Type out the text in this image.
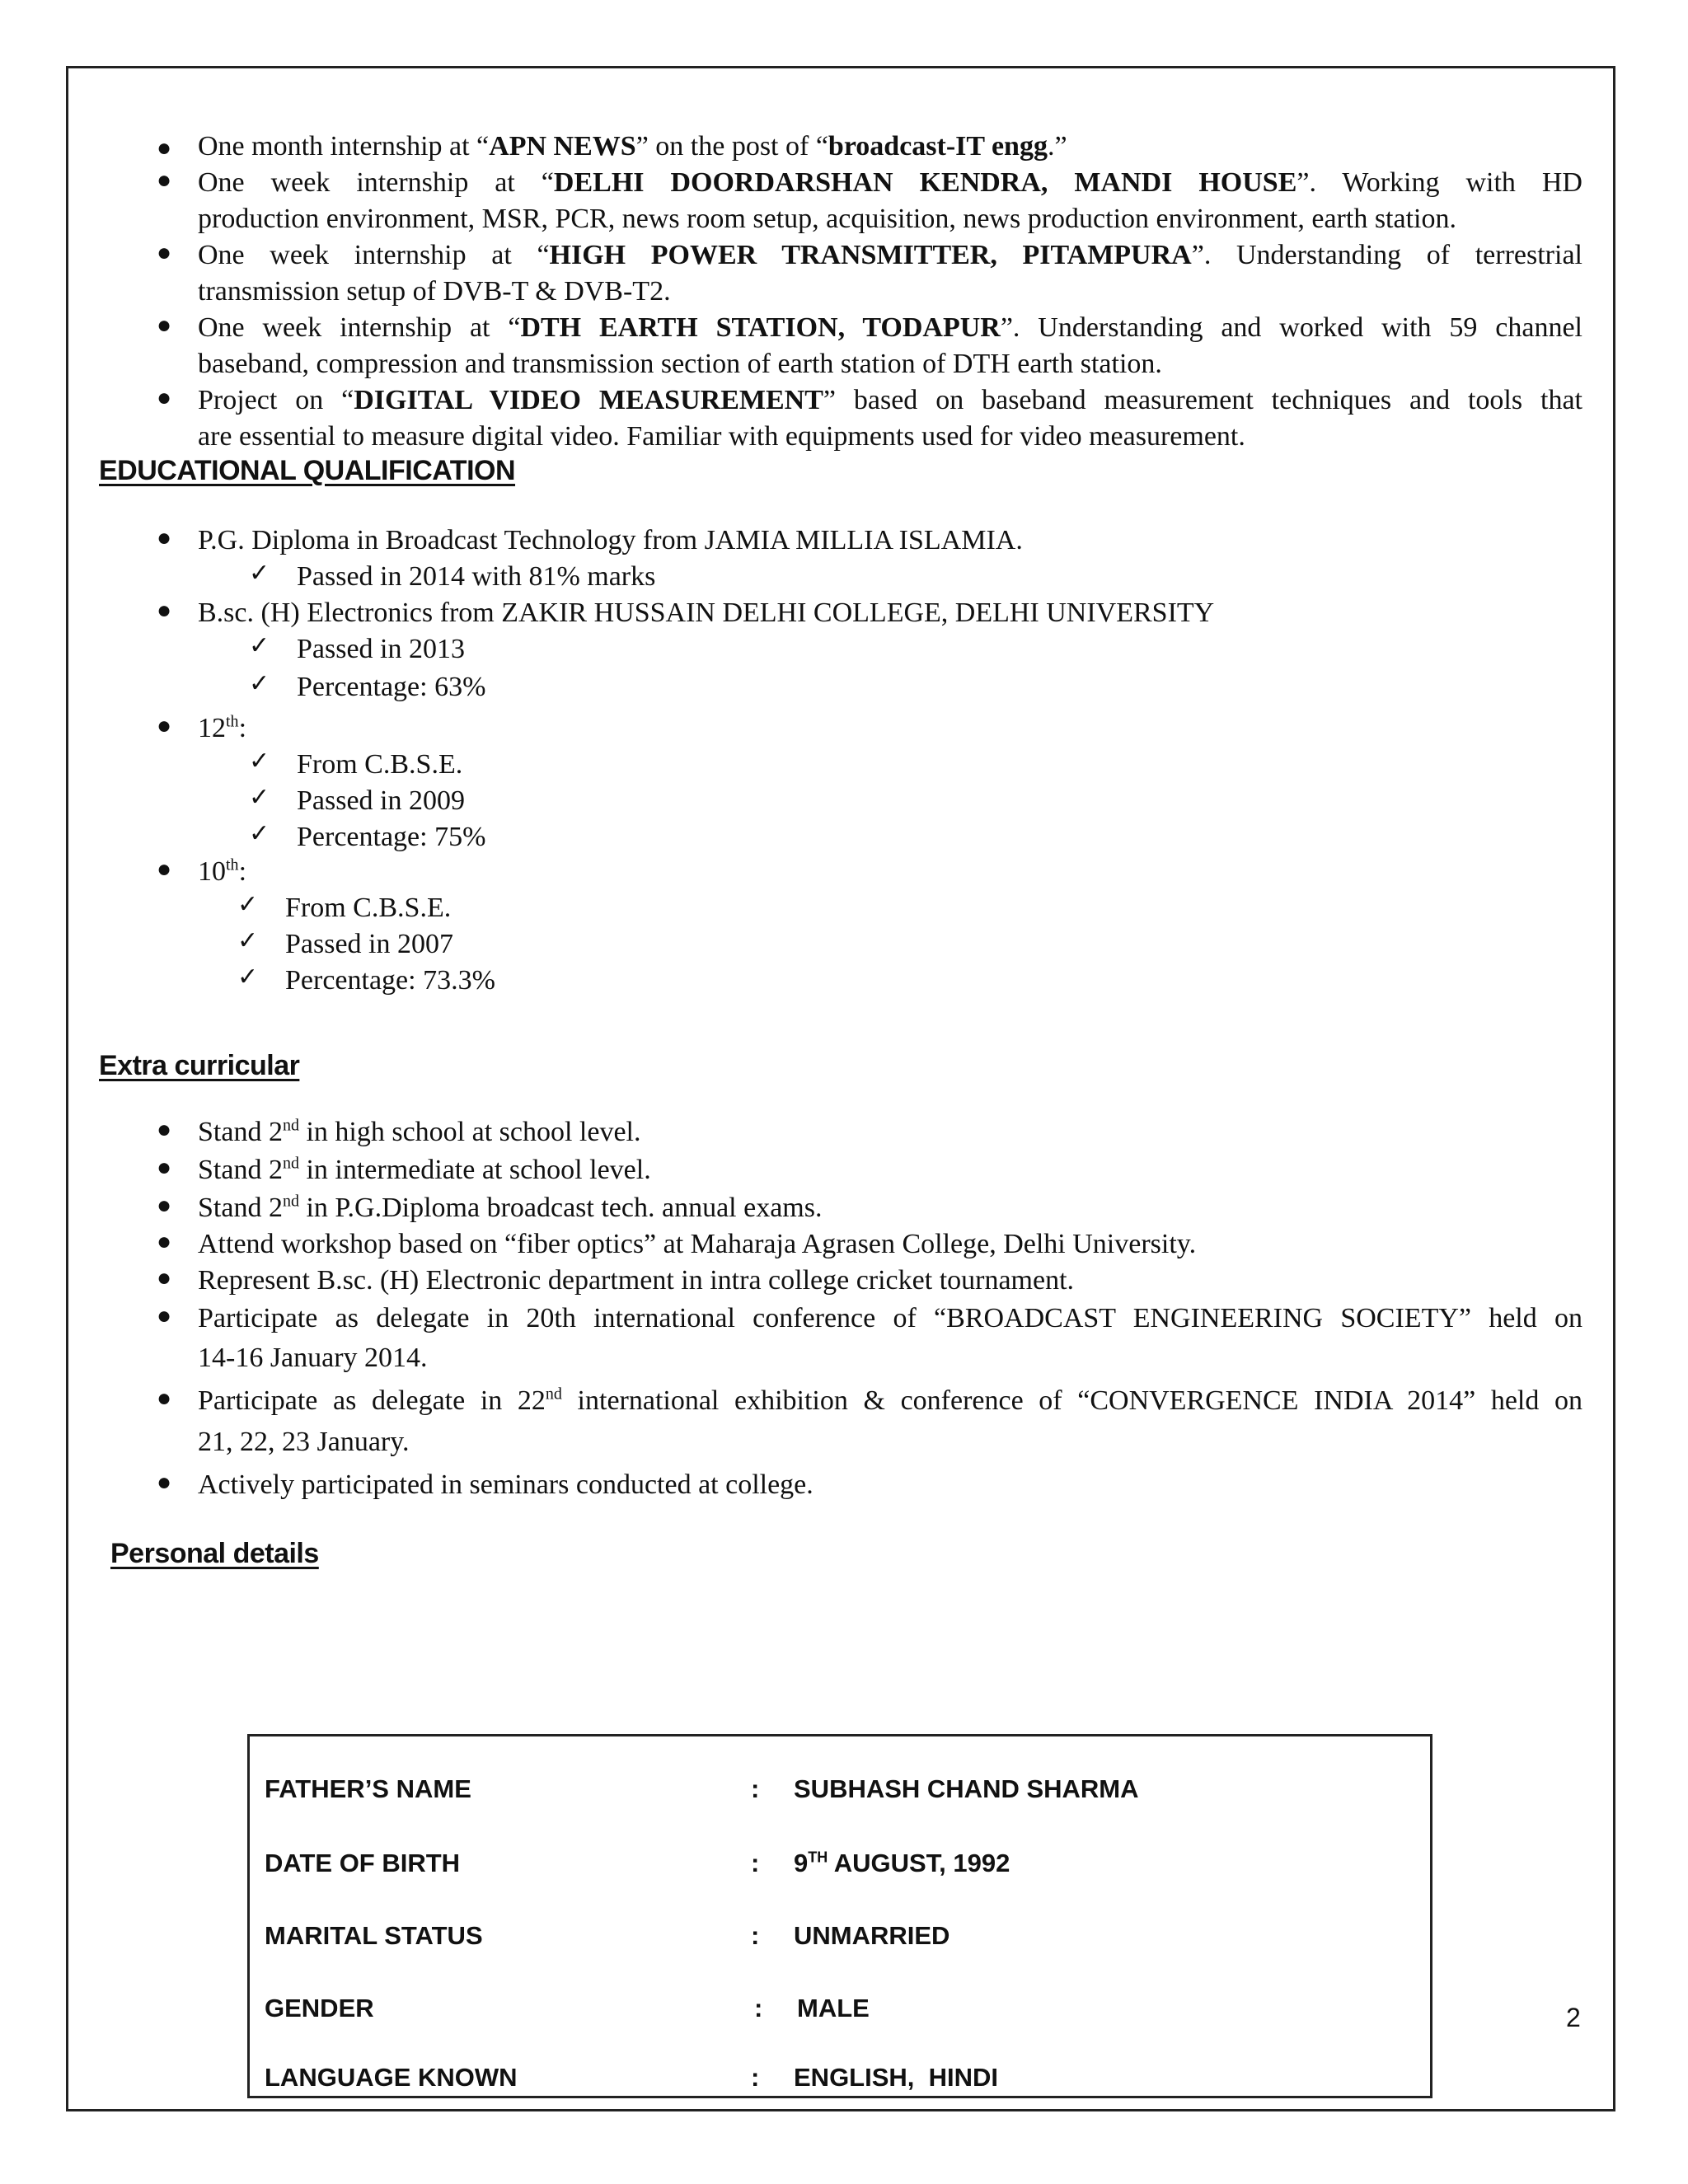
● One month internship at “APN NEWS” on the post of “broadcast-IT engg.”
● One week internship at “DELHI DOORDARSHAN KENDRA, MANDI HOUSE”. Working with HD
production environment, MSR, PCR, news room setup, acquisition, news production environment, earth station.
● One week internship at “HIGH POWER TRANSMITTER, PITAMPURA”. Understanding of terrestrial
transmission setup of DVB-T & DVB-T2.
● One week internship at “DTH EARTH STATION, TODAPUR”. Understanding and worked with 59 channel
baseband, compression and transmission section of earth station of DTH earth station.
● Project on “DIGITAL VIDEO MEASUREMENT” based on baseband measurement techniques and tools that
are essential to measure digital video. Familiar with equipments used for video measurement.
EDUCATIONAL QUALIFICATION
● P.G. Diploma in Broadcast Technology from JAMIA MILLIA ISLAMIA.
✓ Passed in 2014 with 81% marks
● B.sc. (H) Electronics from ZAKIR HUSSAIN DELHI COLLEGE, DELHI UNIVERSITY
✓ Passed in 2013
✓ Percentage: 63%
● 12th:
✓ From C.B.S.E.
✓ Passed in 2009
✓ Percentage: 75%
● 10th:
✓ From C.B.S.E.
✓ Passed in 2007
✓ Percentage: 73.3%
Extra curricular
● Stand 2nd in high school at school level.
● Stand 2nd in intermediate at school level.
● Stand 2nd in P.G.Diploma broadcast tech. annual exams.
● Attend workshop based on “fiber optics” at Maharaja Agrasen College, Delhi University.
● Represent B.sc. (H) Electronic department in intra college cricket tournament.
● Participate as delegate in 20th international conference of “BROADCAST ENGINEERING SOCIETY” held on
14-16 January 2014.
● Participate as delegate in 22nd international exhibition & conference of “CONVERGENCE INDIA 2014” held on
21, 22, 23 January.
● Actively participated in seminars conducted at college.
Personal details
FATHER’S NAME	: SUBHASH CHAND SHARMA
DATE OF BIRTH	: 9TH AUGUST, 1992
MARITAL STATUS	: UNMARRIED
GENDER	: MALE
LANGUAGE KNOWN	: ENGLISH,  HINDI
2
